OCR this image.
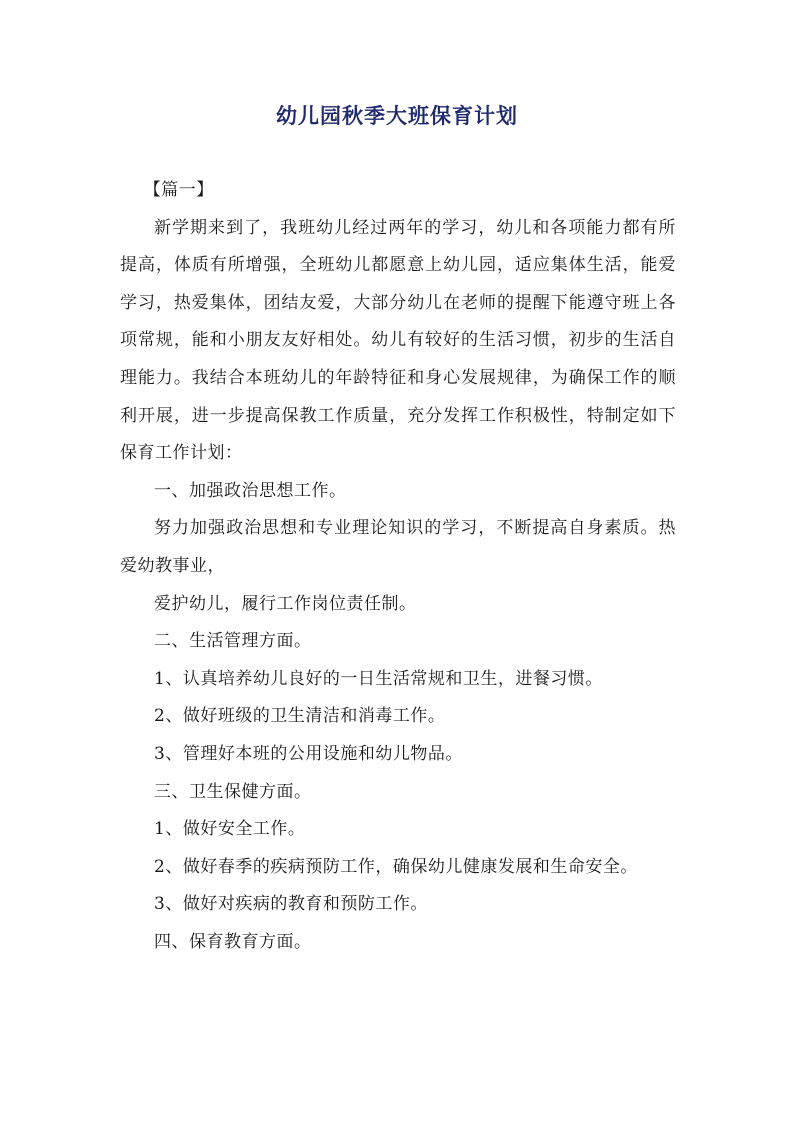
幼儿园秋季大班保育计划

【篇一】

新学期来到了，我班幼儿经过两年的学习，幼儿和各项能力都有所提高，体质有所增强，全班幼儿都愿意上幼儿园，适应集体生活，能爱学习，热爱集体，团结友爱，大部分幼儿在老师的提醒下能遵守班上各项常规，能和小朋友友好相处。幼儿有较好的生活习惯，初步的生活自理能力。我结合本班幼儿的年龄特征和身心发展规律，为确保工作的顺利开展，进一步提高保教工作质量，充分发挥工作积极性，特制定如下保育工作计划：

一、加强政治思想工作。

努力加强政治思想和专业理论知识的学习，不断提高自身素质。热爱幼教事业，

爱护幼儿，履行工作岗位责任制。

二、生活管理方面。

1、认真培养幼儿良好的一日生活常规和卫生，进餐习惯。

2、做好班级的卫生清洁和消毒工作。

3、管理好本班的公用设施和幼儿物品。

三、卫生保健方面。

1、做好安全工作。

2、做好春季的疾病预防工作，确保幼儿健康发展和生命安全。

3、做好对疾病的教育和预防工作。

四、保育教育方面。
